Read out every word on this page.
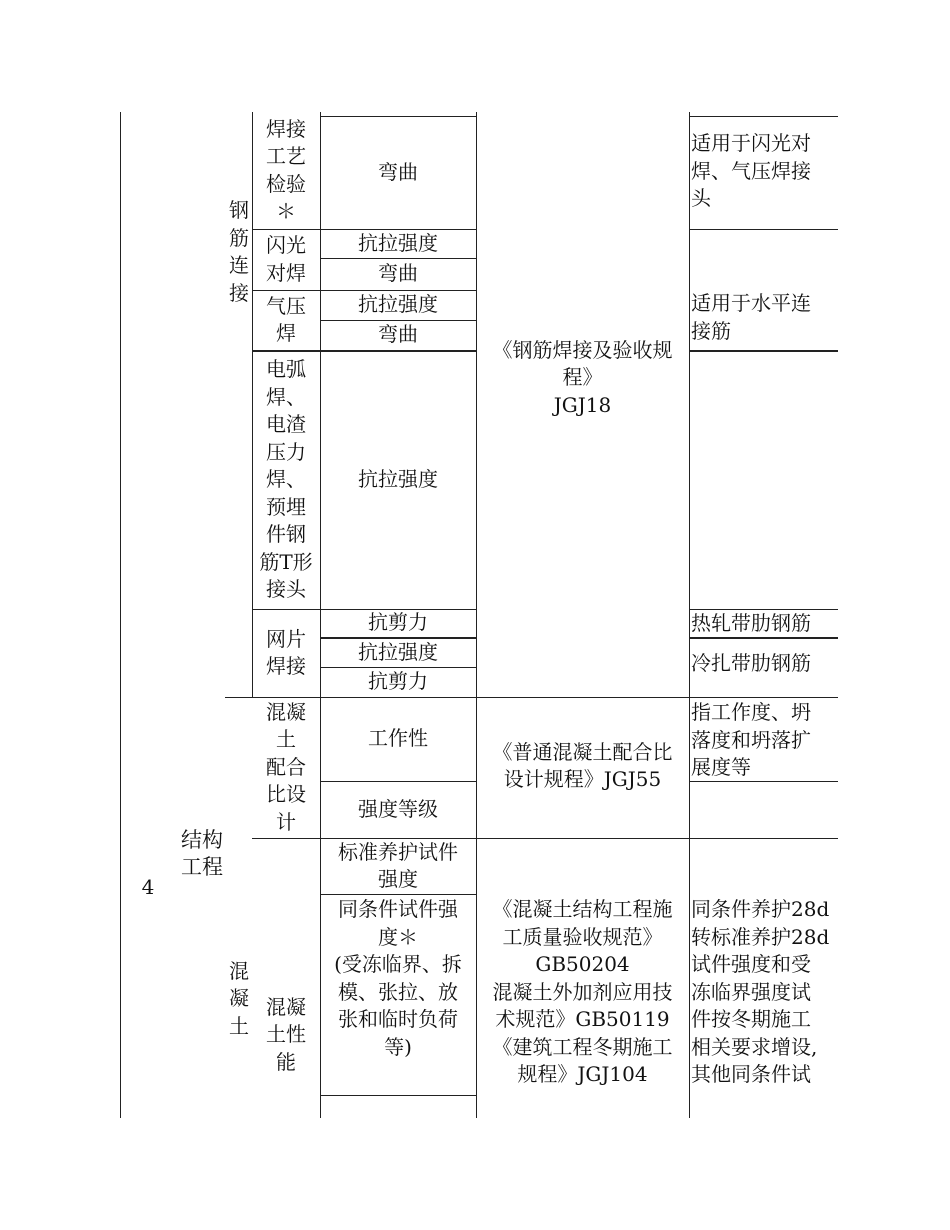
4
结构
工程
钢
筋
连
接
混
凝
土
焊接
工艺
检验
＊
闪光
对焊
气压
焊
电弧
焊、
电渣
压力
焊、
预埋
件钢
筋T形
接头
网片
焊接
混凝
土
配合
比设
计
混凝
土性
能
弯曲
抗拉强度
弯曲
抗拉强度
弯曲
抗拉强度
抗剪力
抗拉强度
抗剪力
工作性
强度等级
标准养护试件
强度
同条件试件强
度＊
(受冻临界、拆
模、张拉、放
张和临时负荷
等)
《钢筋焊接及验收规
程》
JGJ18
《普通混凝土配合比
设计规程》JGJ55
《混凝土结构工程施
工质量验收规范》
GB50204
混凝土外加剂应用技
术规范》GB50119
《建筑工程冬期施工
规程》JGJ104
适用于闪光对
焊、气压焊接
头
适用于水平连
接筋
热轧带肋钢筋
冷扎带肋钢筋
指工作度、坍
落度和坍落扩
展度等
同条件养护28d
转标准养护28d
试件强度和受
冻临界强度试
件按冬期施工
相关要求增设,
其他同条件试
